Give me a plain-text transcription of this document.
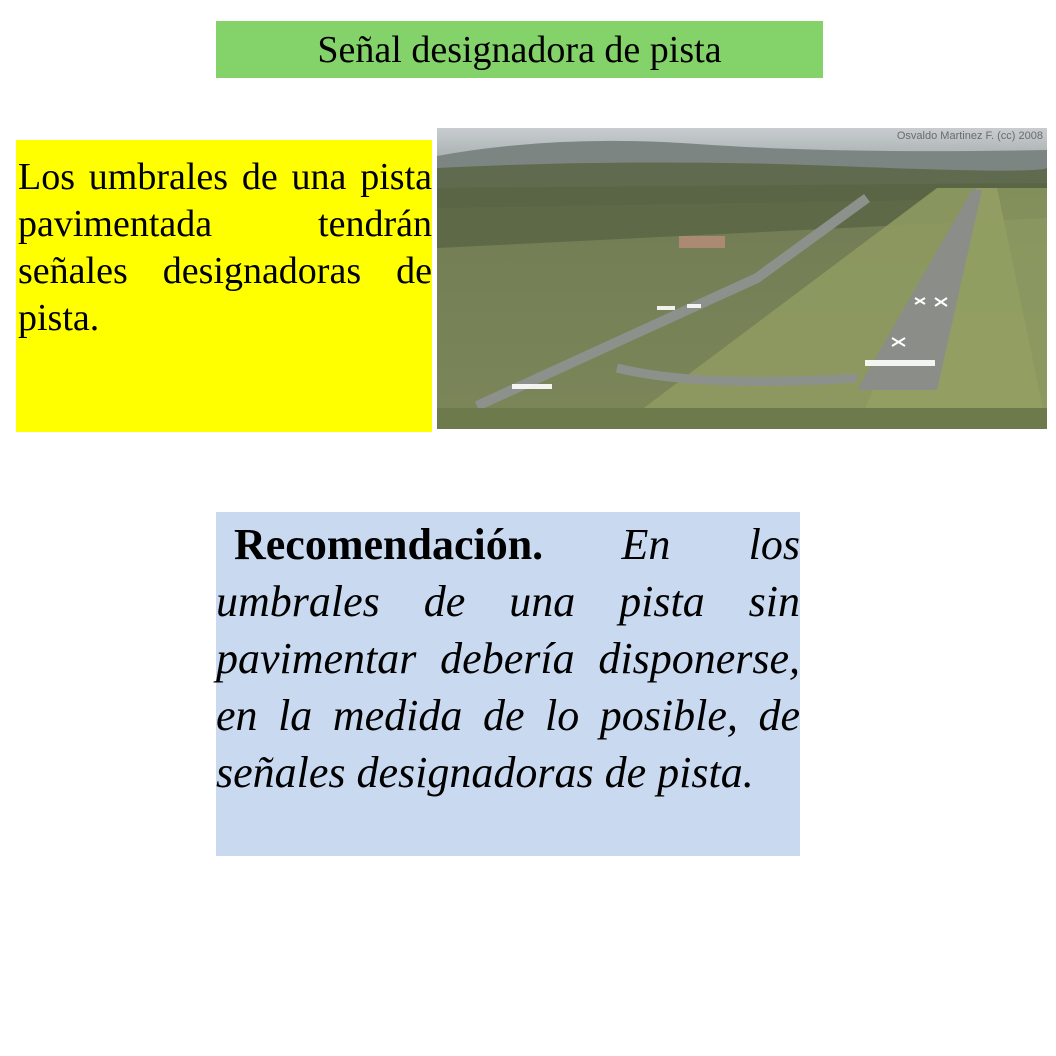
Señal designadora de pista

Los umbrales de una pista pavimentada tendrán señales designadoras de pista.

Osvaldo Martinez F. (cc) 2008

Recomendación. En los umbrales de una pista sin pavimentar debería disponerse, en la medida de lo posible, de señales designadoras de pista.
